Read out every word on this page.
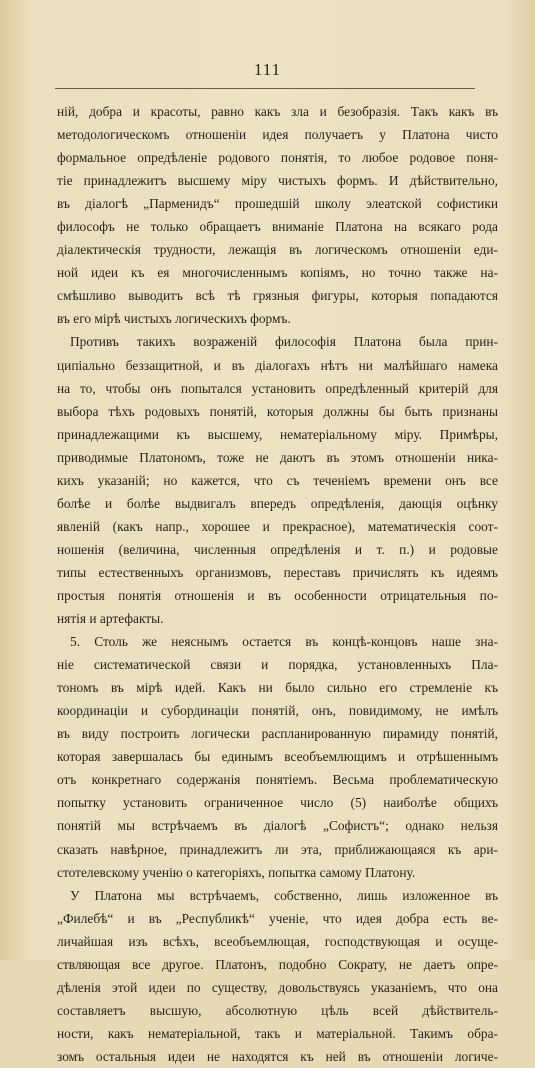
111
ній, добра и красоты, равно какъ зла и безобразія. Такъ какъ въ
методологическомъ отношеніи идея получаетъ у Платона чисто
формальное опредѣленіе родового понятія, то любое родовое поня-
тіе принадлежитъ высшему міру чистыхъ формъ. И дѣйствительно,
въ діалогѣ „Парменидъ“ прошедшій школу элеатской софистики
философъ не только обращаетъ вниманіе Платона на всякаго рода
діалектическія трудности, лежащія въ логическомъ отношеніи еди-
ной идеи къ ея многочисленнымъ копіямъ, но точно также на-
смѣшливо выводитъ всѣ тѣ грязныя фигуры, которыя попадаются
въ его мірѣ чистыхъ логическихъ формъ.
Противъ такихъ возраженій философія Платона была прин-
ципіально беззащитной, и въ діалогахъ нѣтъ ни малѣйшаго намека
на то, чтобы онъ попытался установить опредѣленный критерій для
выбора тѣхъ родовыхъ понятій, которыя должны бы быть признаны
принадлежащими къ высшему, нематеріальному міру. Примѣры,
приводимые Платономъ, тоже не даютъ въ этомъ отношеніи ника-
кихъ указаній; но кажется, что съ теченіемъ времени онъ все
болѣе и болѣе выдвигалъ впередъ опредѣленія, дающія оцѣнку
явленій (какъ напр., хорошее и прекрасное), математическія соот-
ношенія (величина, численныя опредѣленія и т. п.) и родовые
типы естественныхъ организмовъ, переставъ причислять къ идеямъ
простыя понятія отношенія и въ особенности отрицательныя по-
нятія и артефакты.
5. Столь же неяснымъ остается въ концѣ-концовъ наше зна-
ніе систематической связи и порядка, установленныхъ Пла-
тономъ въ мірѣ идей. Какъ ни было сильно его стремленіе къ
координаціи и субординаціи понятій, онъ, повидимому, не имѣлъ
въ виду построить логически распланированную пирамиду понятій,
которая завершалась бы единымъ всеобъемлющимъ и отрѣшеннымъ
отъ конкретнаго содержанія понятіемъ. Весьма проблематическую
попытку установить ограниченное число (5) наиболѣе общихъ
понятій мы встрѣчаемъ въ діалогѣ „Софистъ“; однако нельзя
сказать навѣрное, принадлежитъ ли эта, приближающаяся къ ари-
стотелевскому ученію о категоріяхъ, попытка самому Платону.
У Платона мы встрѣчаемъ, собственно, лишь изложенное въ
„Филебѣ“ и въ „Республикѣ“ ученіе, что идея добра есть ве-
личайшая изъ всѣхъ, всеобъемлющая, господствующая и осуще-
ствляющая все другое. Платонъ, подобно Сократу, не даетъ опре-
дѣленія этой идеи по существу, довольствуясь указаніемъ, что она
составляетъ высшую, абсолютную цѣль всей дѣйствитель-
ности, какъ нематеріальной, такъ и матеріальной. Такимъ обра-
зомъ остальныя идеи не находятся къ ней въ отношеніи логиче-
